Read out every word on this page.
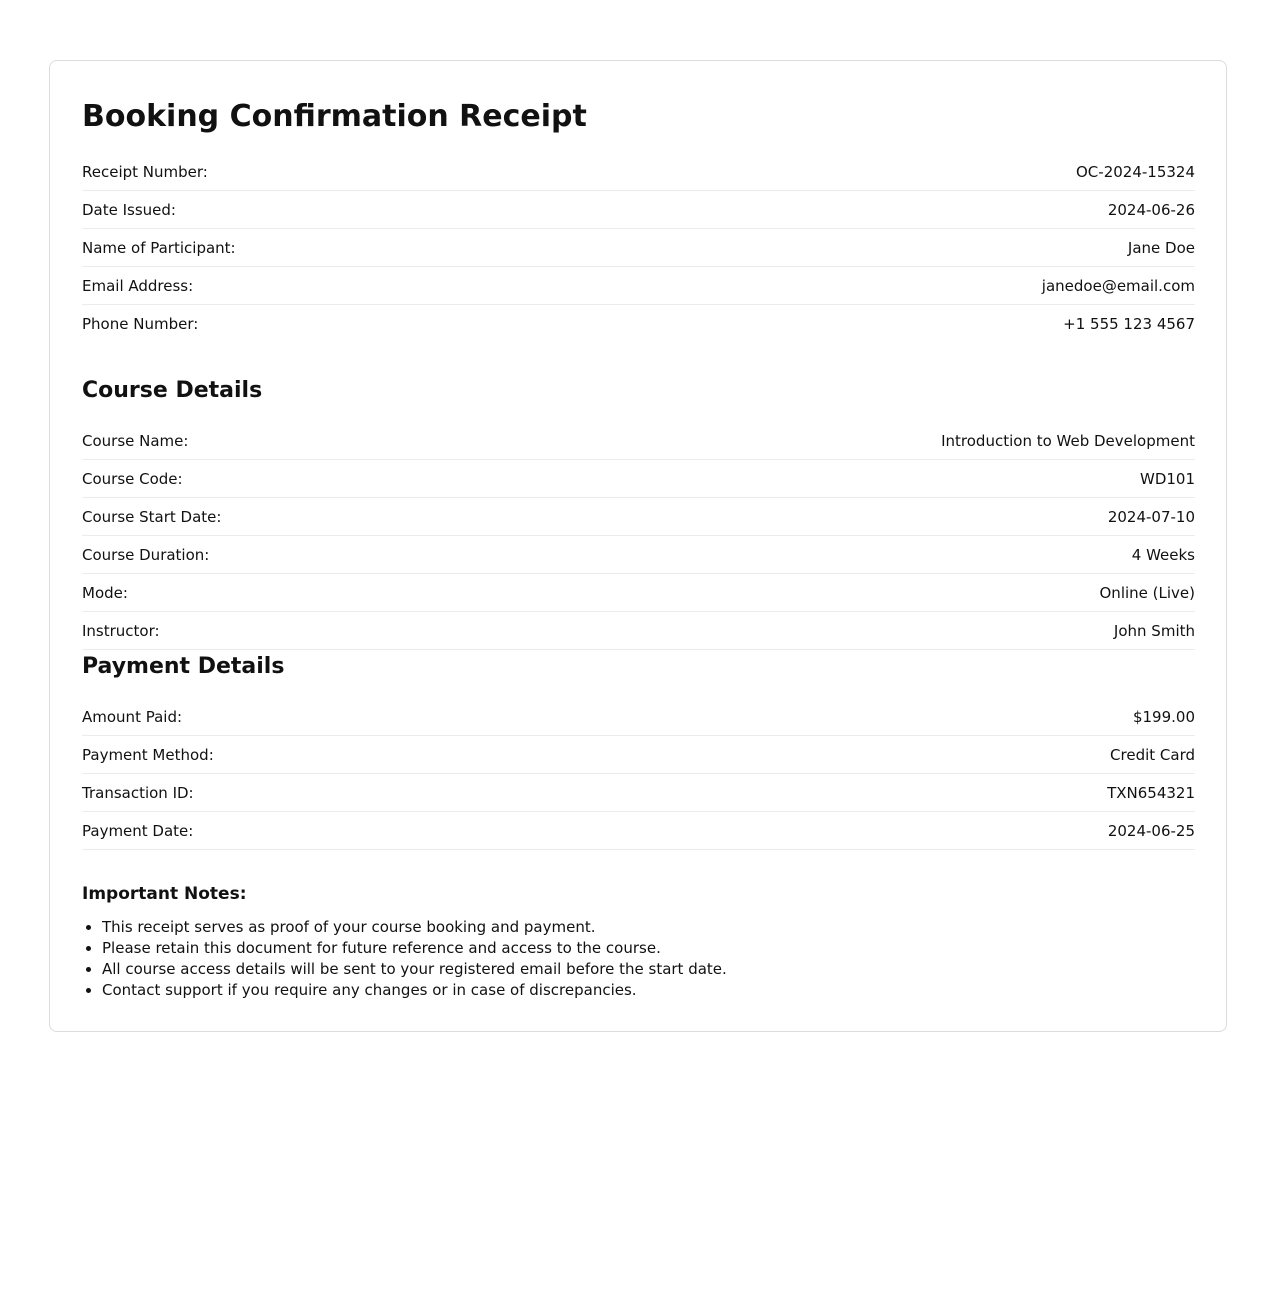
Booking Confirmation Receipt
Receipt Number:	OC-2024-15324
Date Issued:	2024-06-26
Name of Participant:	Jane Doe
Email Address:	janedoe@email.com
Phone Number:	+1 555 123 4567
Course Details
Course Name:	Introduction to Web Development
Course Code:	WD101
Course Start Date:	2024-07-10
Course Duration:	4 Weeks
Mode:	Online (Live)
Instructor:	John Smith
Payment Details
Amount Paid:	$199.00
Payment Method:	Credit Card
Transaction ID:	TXN654321
Payment Date:	2024-06-25
Important Notes:
• This receipt serves as proof of your course booking and payment.
• Please retain this document for future reference and access to the course.
• All course access details will be sent to your registered email before the start date.
• Contact support if you require any changes or in case of discrepancies.
